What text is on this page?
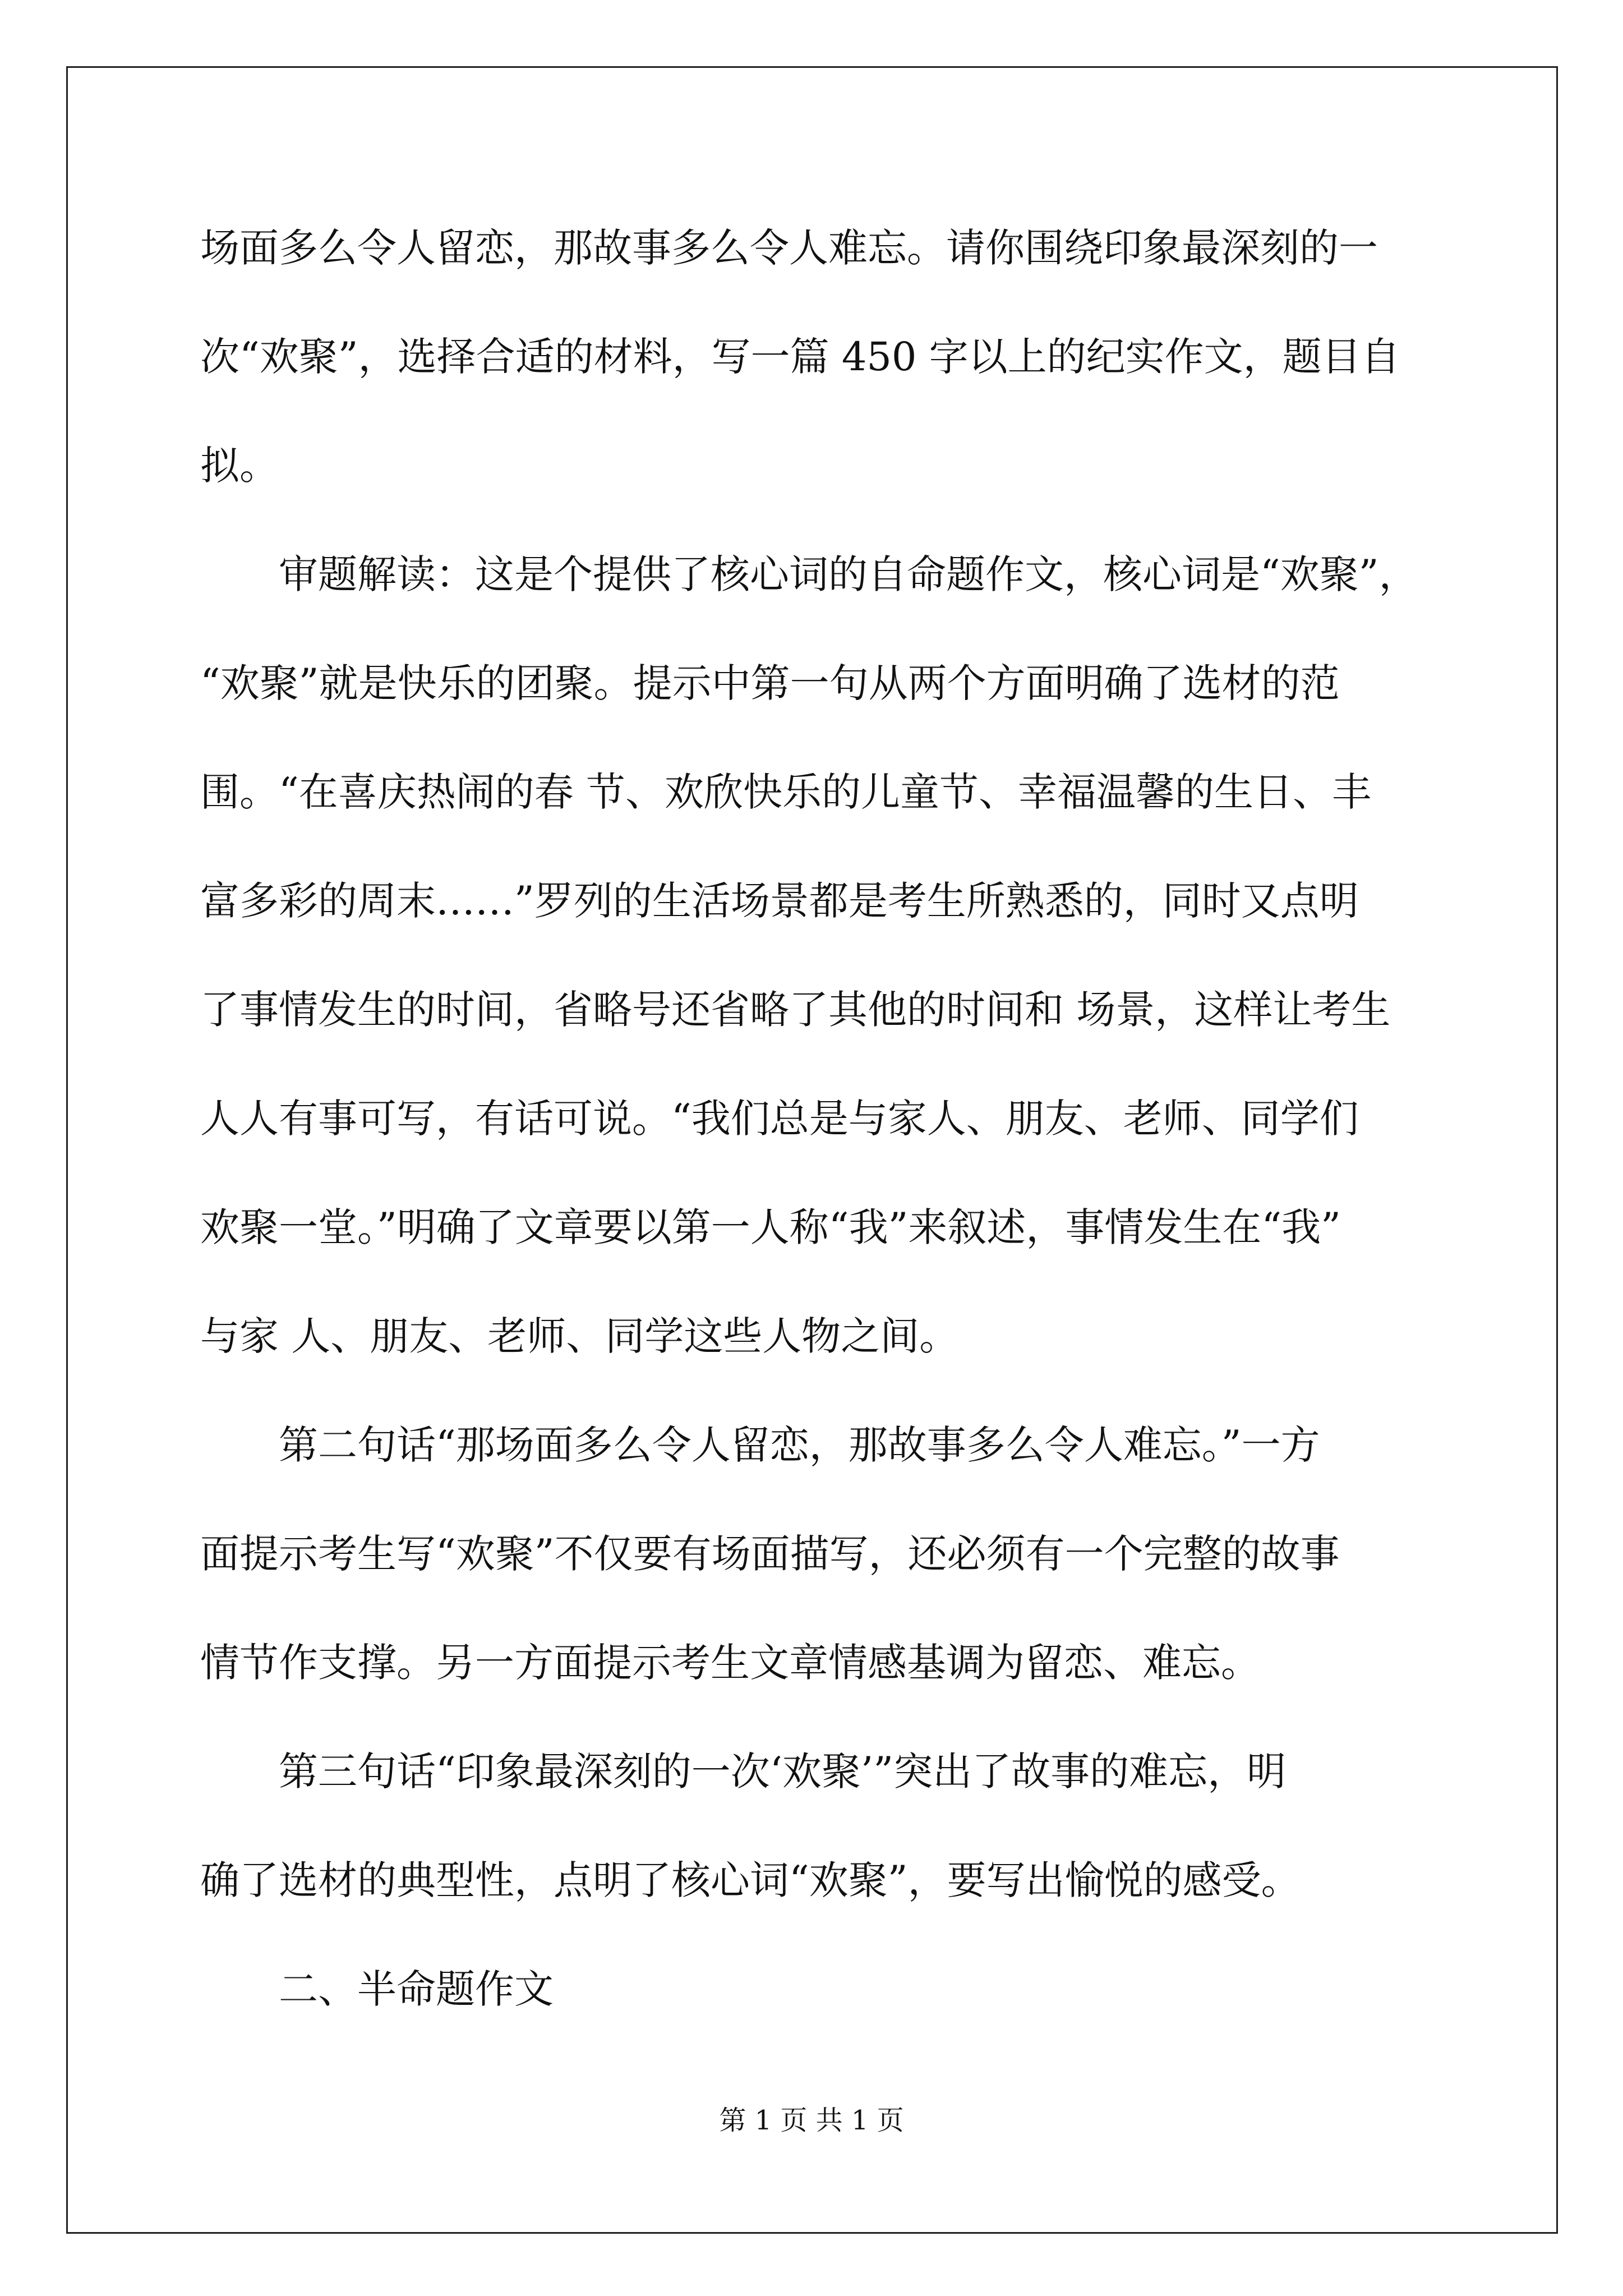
场面多么令人留恋，那故事多么令人难忘。请你围绕印象最深刻的一
次“欢聚”，选择合适的材料，写一篇 450 字以上的纪实作文，题目自
拟。
审题解读：这是个提供了核心词的自命题作文，核心词是“欢聚”，
“欢聚”就是快乐的团聚。提示中第一句从两个方面明确了选材的范
围。“在喜庆热闹的春 节、欢欣快乐的儿童节、幸福温馨的生日、丰
富多彩的周末……”罗列的生活场景都是考生所熟悉的，同时又点明
了事情发生的时间，省略号还省略了其他的时间和 场景，这样让考生
人人有事可写，有话可说。“我们总是与家人、朋友、老师、同学们
欢聚一堂。”明确了文章要以第一人称“我”来叙述，事情发生在“我”
与家 人、朋友、老师、同学这些人物之间。
第二句话“那场面多么令人留恋，那故事多么令人难忘。”一方
面提示考生写“欢聚”不仅要有场面描写，还必须有一个完整的故事
情节作支撑。另一方面提示考生文章情感基调为留恋、难忘。
第三句话“印象最深刻的一次‘欢聚’”突出了故事的难忘，明
确了选材的典型性，点明了核心词“欢聚”，要写出愉悦的感受。
二、半命题作文
第 1 页 共 1 页
